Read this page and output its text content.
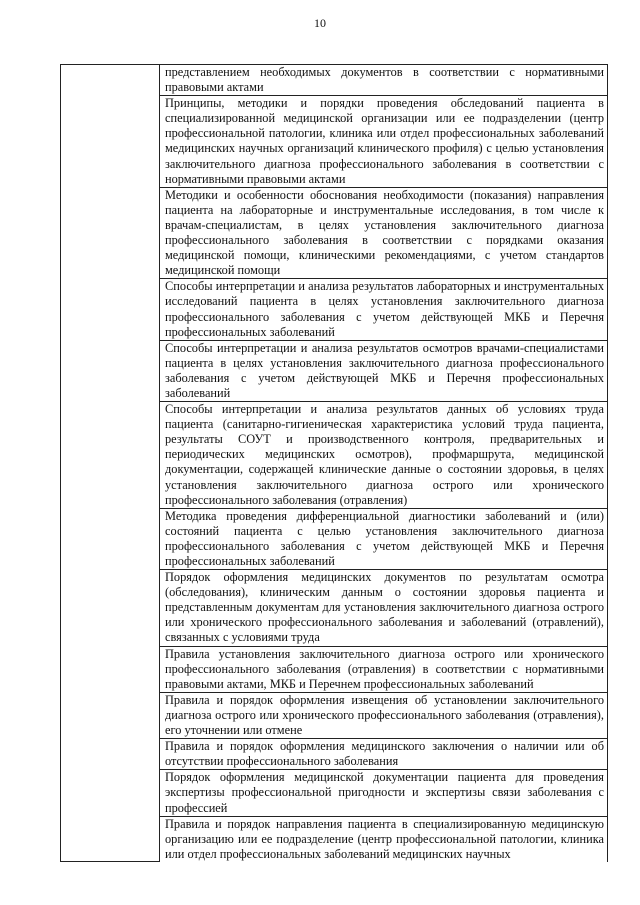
10
	представлением необходимых документов в соответствии с нормативными правовыми актами
Принципы, методики и порядки проведения обследований пациента в специализированной медицинской организации или ее подразделении (центр профессиональной патологии, клиника или отдел профессиональных заболеваний медицинских научных организаций клинического профиля) с целью установления заключительного диагноза профессионального заболевания в соответствии с нормативными правовыми актами
Методики и особенности обоснования необходимости (показания) направления пациента на лабораторные и инструментальные исследования, в том числе к врачам-специалистам, в целях установления заключительного диагноза профессионального заболевания в соответствии с порядками оказания медицинской помощи, клиническими рекомендациями, с учетом стандартов медицинской помощи
Способы интерпретации и анализа результатов лабораторных и инструментальных исследований пациента в целях установления заключительного диагноза профессионального заболевания с учетом действующей МКБ и Перечня профессиональных заболеваний
Способы интерпретации и анализа результатов осмотров врачами-специалистами пациента в целях установления заключительного диагноза профессионального заболевания с учетом действующей МКБ и Перечня профессиональных заболеваний
Способы интерпретации и анализа результатов данных об условиях труда пациента (санитарно-гигиеническая характеристика условий труда пациента, результаты СОУТ и производственного контроля, предварительных и периодических медицинских осмотров), профмаршрута, медицинской документации, содержащей клинические данные о состоянии здоровья, в целях установления заключительного диагноза острого или хронического профессионального заболевания (отравления)
Методика проведения дифференциальной диагностики заболеваний и (или) состояний пациента с целью установления заключительного диагноза профессионального заболевания с учетом действующей МКБ и Перечня профессиональных заболеваний
Порядок оформления медицинских документов по результатам осмотра (обследования), клиническим данным о состоянии здоровья пациента и представленным документам для установления заключительного диагноза острого или хронического профессионального заболевания и заболеваний (отравлений), связанных с условиями труда
Правила установления заключительного диагноза острого или хронического профессионального заболевания (отравления) в соответствии с нормативными правовыми актами, МКБ и Перечнем профессиональных заболеваний
Правила и порядок оформления извещения об установлении заключительного диагноза острого или хронического профессионального заболевания (отравления), его уточнении или отмене
Правила и порядок оформления медицинского заключения о наличии или об отсутствии профессионального заболевания
Порядок оформления медицинской документации пациента для проведения экспертизы профессиональной пригодности и экспертизы связи заболевания с профессией
Правила и порядок направления пациента в специализированную медицинскую организацию или ее подразделение (центр профессиональной патологии, клиника или отдел профессиональных заболеваний медицинских научных
